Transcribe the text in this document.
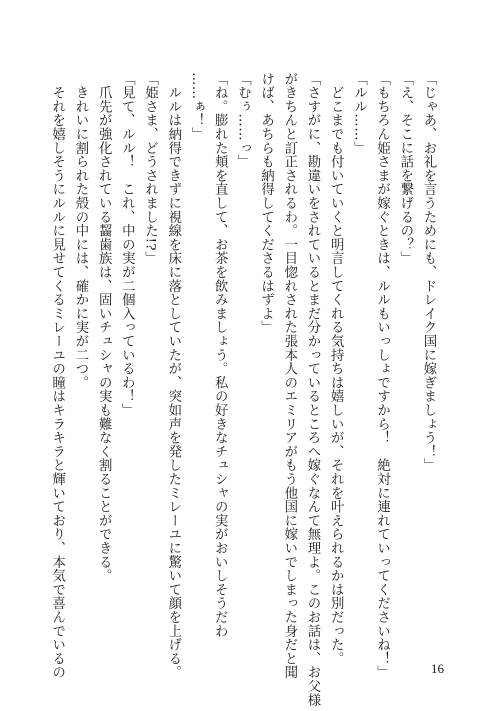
「じゃあ、お礼を言うためにも、ドレイク国に嫁ぎましょう！」
「え、そこに話を繋げるの？」
「もちろん姫さまが嫁ぐときは、ルルもいっしょですから！　絶対に連れていってくださいね！」
「ルル……」
　どこまでも付いていくと明言してくれる気持ちは嬉しいが、それを叶えられるかは別だった。
「さすがに、勘違いをされているとまだ分かっているところへ嫁ぐなんて無理よ。このお話は、お父様
がきちんと訂正されるわ。一目惚れされた張本人のエミリアがもう他国に嫁いでしまった身だと聞
けば、あちらも納得してくださるはずよ」
「むぅ……っ」
「ね。膨れた頬を直して、お茶を飲みましょう。私の好きなチュシャの実がおいしそうだわ
……ぁ！」
　ルルは納得できずに視線を床に落としていたが、突如声を発したミレーユに驚いて顔を上げる。
「姫さま、どうされました!?」
「見て、ルル！　これ、中の実が二個入っているわ！」
　爪先が強化されている齧歯族は、固いチュシャの実も難なく割ることができる。
　きれいに割られた殻の中には、確かに実が二つ。
　それを嬉しそうにルルに見せてくるミレーユの瞳はキラキラと輝いており、本気で喜んでいるの	16
